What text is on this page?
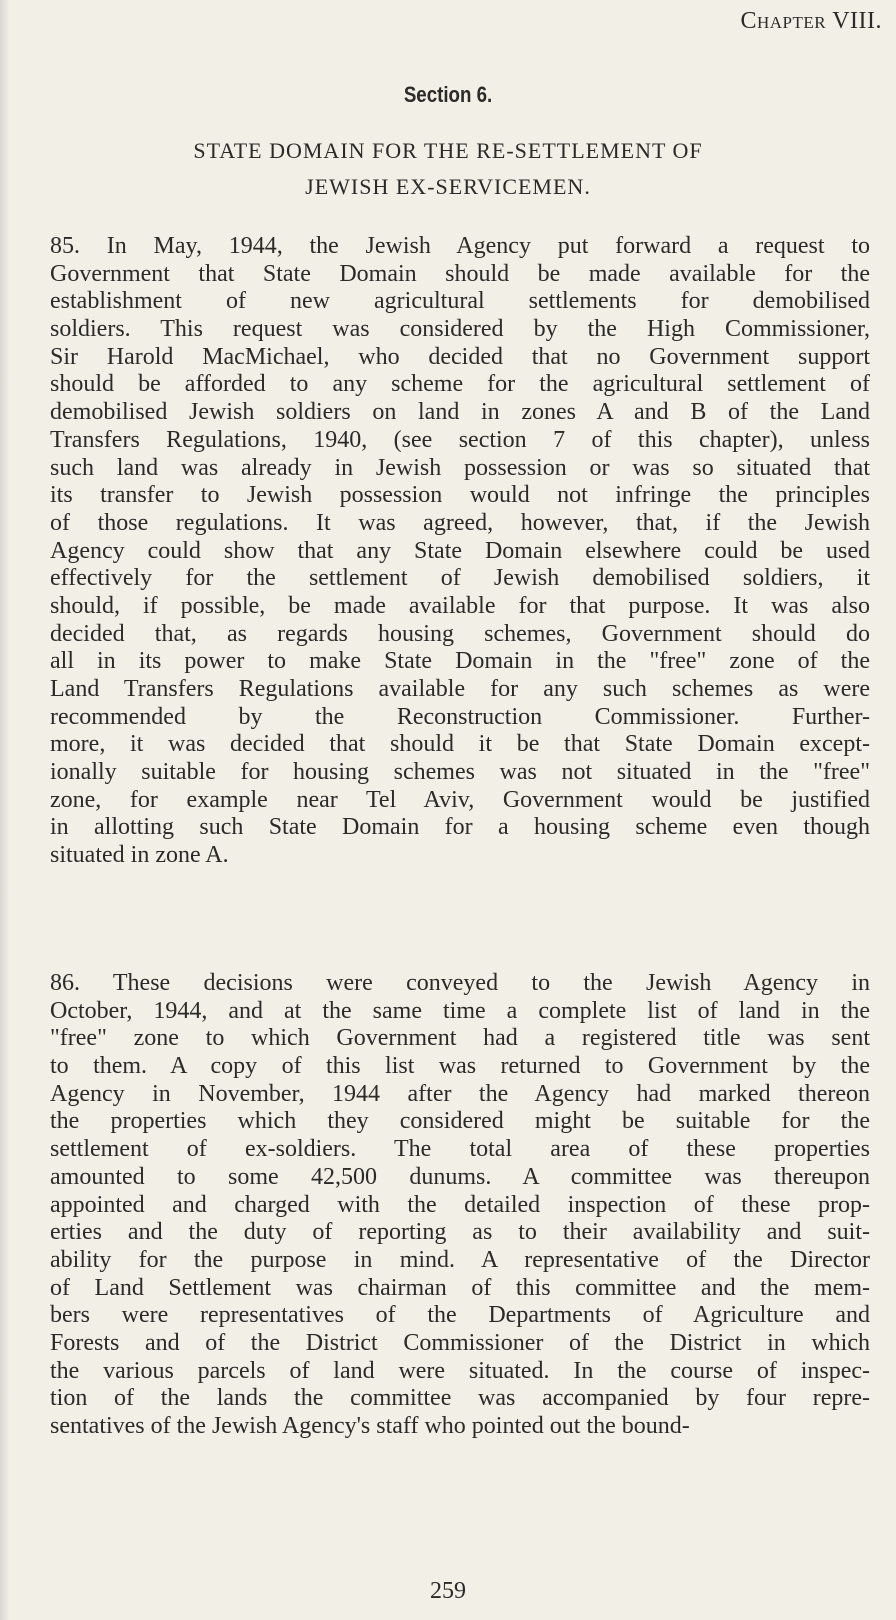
Chapter VIII.
Section 6.
STATE DOMAIN FOR THE RE-SETTLEMENT OF
JEWISH EX-SERVICEMEN.
85. In May, 1944, the Jewish Agency put forward a request to
Government that State Domain should be made available for the
establishment of new agricultural settlements for demobilised
soldiers. This request was considered by the High Commissioner,
Sir Harold MacMichael, who decided that no Government support
should be afforded to any scheme for the agricultural settlement of
demobilised Jewish soldiers on land in zones A and B of the Land
Transfers Regulations, 1940, (see section 7 of this chapter), unless
such land was already in Jewish possession or was so situated that
its transfer to Jewish possession would not infringe the principles
of those regulations. It was agreed, however, that, if the Jewish
Agency could show that any State Domain elsewhere could be used
effectively for the settlement of Jewish demobilised soldiers, it
should, if possible, be made available for that purpose. It was also
decided that, as regards housing schemes, Government should do
all in its power to make State Domain in the "free" zone of the
Land Transfers Regulations available for any such schemes as were
recommended by the Reconstruction Commissioner. Further-
more, it was decided that should it be that State Domain except-
ionally suitable for housing schemes was not situated in the "free"
zone, for example near Tel Aviv, Government would be justified
in allotting such State Domain for a housing scheme even though
situated in zone A.
86. These decisions were conveyed to the Jewish Agency in
October, 1944, and at the same time a complete list of land in the
"free" zone to which Government had a registered title was sent
to them. A copy of this list was returned to Government by the
Agency in November, 1944 after the Agency had marked thereon
the properties which they considered might be suitable for the
settlement of ex-soldiers. The total area of these properties
amounted to some 42,500 dunums. A committee was thereupon
appointed and charged with the detailed inspection of these prop-
erties and the duty of reporting as to their availability and suit-
ability for the purpose in mind. A representative of the Director
of Land Settlement was chairman of this committee and the mem-
bers were representatives of the Departments of Agriculture and
Forests and of the District Commissioner of the District in which
the various parcels of land were situated. In the course of inspec-
tion of the lands the committee was accompanied by four repre-
sentatives of the Jewish Agency's staff who pointed out the bound-
259
